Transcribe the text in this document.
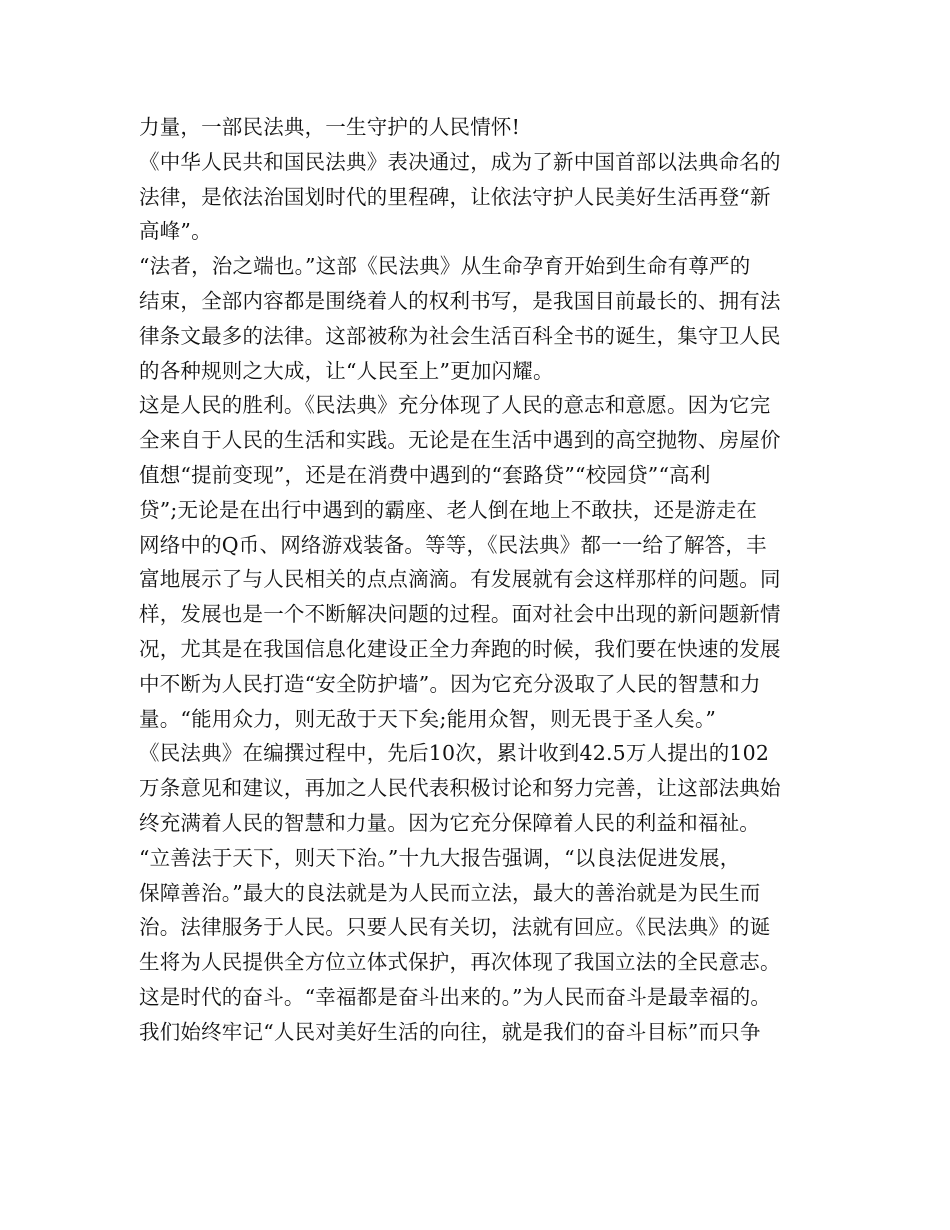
力量，一部民法典，一生守护的人民情怀!
《中华人民共和国民法典》表决通过，成为了新中国首部以法典命名的
法律，是依法治国划时代的里程碑，让依法守护人民美好生活再登“新
高峰”。
“法者，治之端也。”这部《民法典》从生命孕育开始到生命有尊严的
结束，全部内容都是围绕着人的权利书写，是我国目前最长的、拥有法
律条文最多的法律。这部被称为社会生活百科全书的诞生，集守卫人民
的各种规则之大成，让“人民至上”更加闪耀。
这是人民的胜利。《民法典》充分体现了人民的意志和意愿。因为它完
全来自于人民的生活和实践。无论是在生活中遇到的高空抛物、房屋价
值想“提前变现”，还是在消费中遇到的“套路贷”“校园贷”“高利
贷”;无论是在出行中遇到的霸座、老人倒在地上不敢扶，还是游走在
网络中的Q币、网络游戏装备。等等，《民法典》都一一给了解答，丰
富地展示了与人民相关的点点滴滴。有发展就有会这样那样的问题。同
样，发展也是一个不断解决问题的过程。面对社会中出现的新问题新情
况，尤其是在我国信息化建设正全力奔跑的时候，我们要在快速的发展
中不断为人民打造“安全防护墙”。因为它充分汲取了人民的智慧和力
量。“能用众力，则无敌于天下矣;能用众智，则无畏于圣人矣。”
《民法典》在编撰过程中，先后10次，累计收到42.5万人提出的102
万条意见和建议，再加之人民代表积极讨论和努力完善，让这部法典始
终充满着人民的智慧和力量。因为它充分保障着人民的利益和福祉。
“立善法于天下，则天下治。”十九大报告强调，“以良法促进发展，
保障善治。”最大的良法就是为人民而立法，最大的善治就是为民生而
治。法律服务于人民。只要人民有关切，法就有回应。《民法典》的诞
生将为人民提供全方位立体式保护，再次体现了我国立法的全民意志。
这是时代的奋斗。“幸福都是奋斗出来的。”为人民而奋斗是最幸福的。
我们始终牢记“人民对美好生活的向往，就是我们的奋斗目标”而只争
